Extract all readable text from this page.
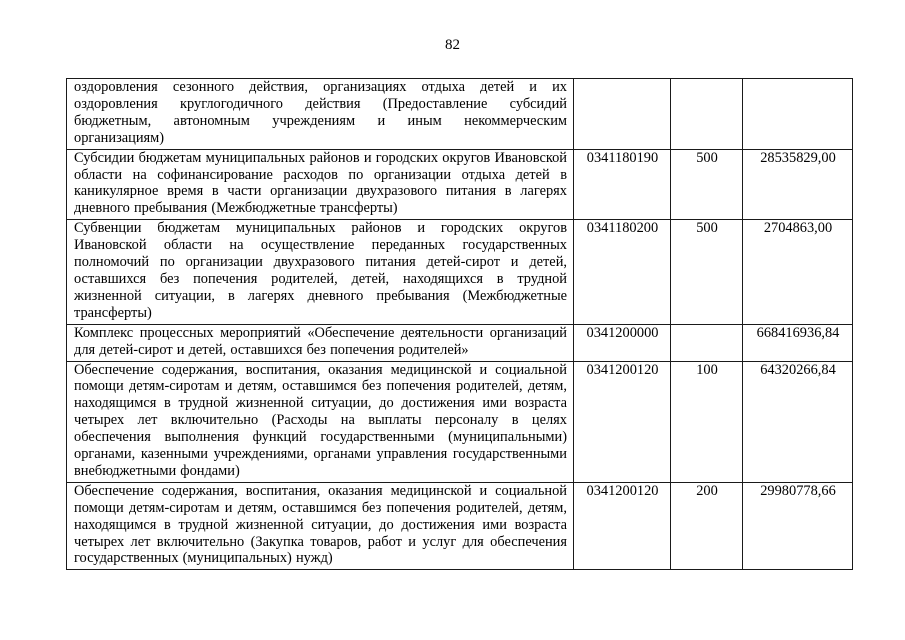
82
оздоровления сезонного действия, организациях отдыха детей и их оздоровления круглогодичного действия (Предоставление субсидий бюджетным, автономным учреждениям и иным некоммерческим организациям)			
Субсидии бюджетам муниципальных районов и городских округов Ивановской области на софинансирование расходов по организации отдыха детей в каникулярное время в части организации двухразового питания в лагерях дневного пребывания (Межбюджетные трансферты)	0341180190	500	28535829,00
Субвенции бюджетам муниципальных районов и городских округов Ивановской области на осуществление переданных государственных полномочий по организации двухразового питания детей-сирот и детей, оставшихся без попечения родителей, детей, находящихся в трудной жизненной ситуации, в лагерях дневного пребывания (Межбюджетные трансферты)	0341180200	500	2704863,00
Комплекс процессных мероприятий «Обеспечение деятельности организаций для детей-сирот и детей, оставшихся без попечения родителей»	0341200000		668416936,84
Обеспечение содержания, воспитания, оказания медицинской и социальной помощи детям-сиротам и детям, оставшимся без попечения родителей, детям, находящимся в трудной жизненной ситуации, до достижения ими возраста четырех лет включительно (Расходы на выплаты персоналу в целях обеспечения выполнения функций государственными (муниципальными) органами, казенными учреждениями, органами управления государственными внебюджетными фондами)	0341200120	100	64320266,84
Обеспечение содержания, воспитания, оказания медицинской и социальной помощи детям-сиротам и детям, оставшимся без попечения родителей, детям, находящимся в трудной жизненной ситуации, до достижения ими возраста четырех лет включительно (Закупка товаров, работ и услуг для обеспечения государственных (муниципальных) нужд)	0341200120	200	29980778,66
